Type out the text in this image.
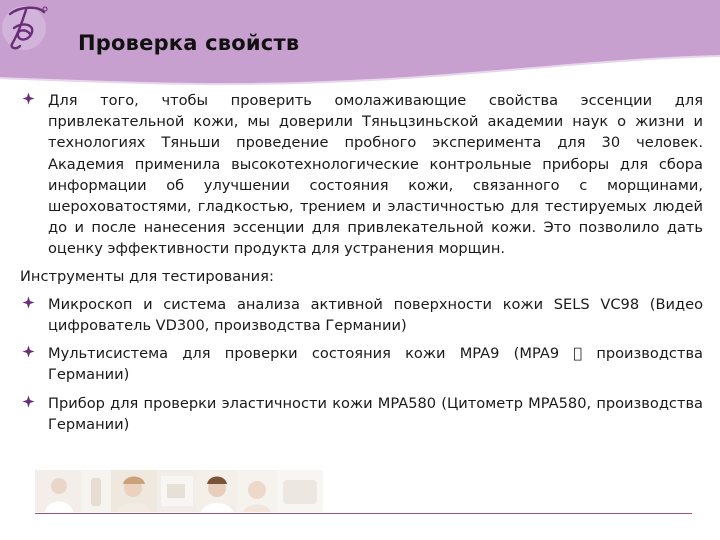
Проверка свойств
Для того, чтобы проверить омолаживающие свойства эссенции для привлекательной кожи, мы доверили Тяньцзиньской академии наук о жизни и технологиях Тяньши проведение пробного эксперимента для 30 человек. Академия применила высокотехнологические контрольные приборы для сбора информации об улучшении состояния кожи, связанного с морщинами, шероховатостями, гладкостью, трением и эластичностью для тестируемых людей до и после нанесения эссенции для привлекательной кожи. Это позволило дать оценку эффективности продукта для устранения морщин.
Инструменты для тестирования:
Микроскоп и система анализа активной поверхности кожи SELS VC98 (Видео цифрователь VD300, производства Германии)
Мультисистема для проверки состояния кожи MPA9 (MPA9 производства Германии)
Прибор для проверки эластичности кожи MPA580 (Цитометр MPA580, производства Германии)
